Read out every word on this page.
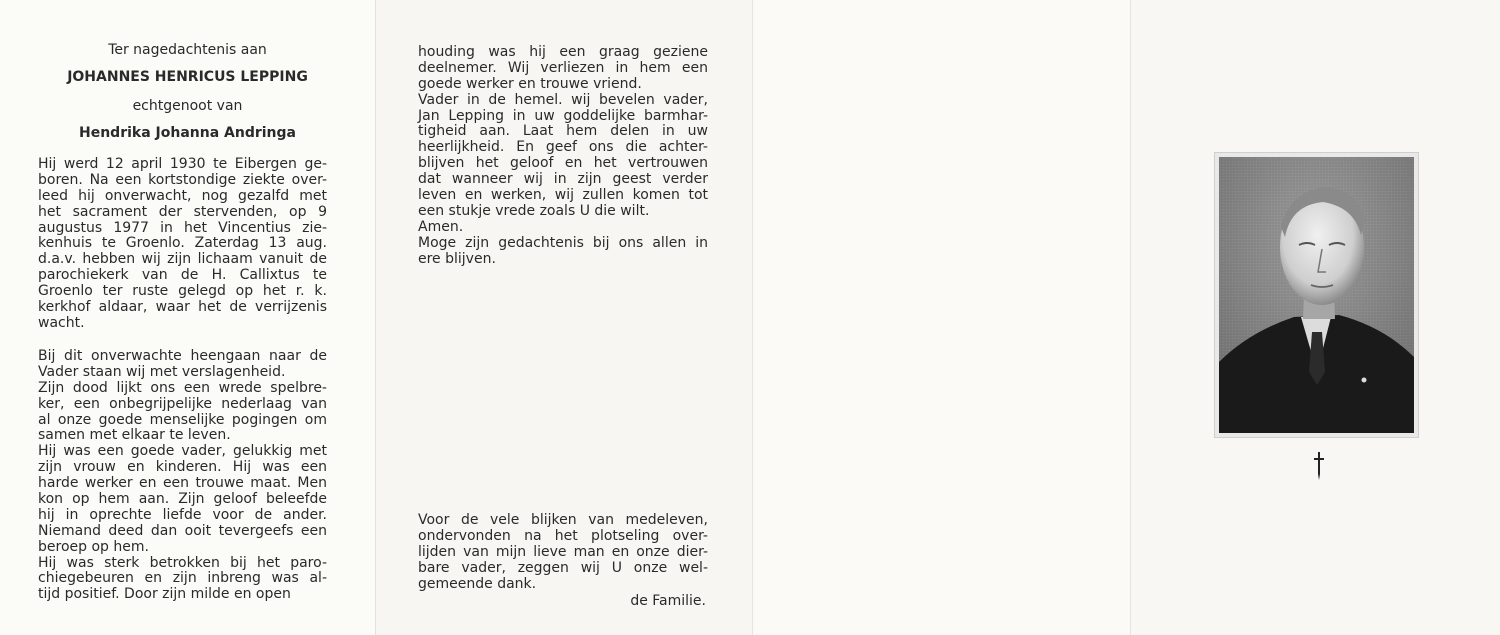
Ter nagedachtenis aan
JOHANNES HENRICUS LEPPING
echtgenoot van
Hendrika Johanna Andringa
Hij werd 12 april 1930 te Eibergen ge-
boren. Na een kortstondige ziekte over-
leed hij onverwacht, nog gezalfd met
het sacrament der stervenden, op 9
augustus 1977 in het Vincentius zie-
kenhuis te Groenlo. Zaterdag 13 aug.
d.a.v. hebben wij zijn lichaam vanuit de
parochiekerk van de H. Callixtus te
Groenlo ter ruste gelegd op het r. k.
kerkhof aldaar, waar het de verrijzenis
wacht.
Bij dit onverwachte heengaan naar de
Vader staan wij met verslagenheid.
Zijn dood lijkt ons een wrede spelbre-
ker, een onbegrijpelijke nederlaag van
al onze goede menselijke pogingen om
samen met elkaar te leven.
Hij was een goede vader, gelukkig met
zijn vrouw en kinderen. Hij was een
harde werker en een trouwe maat. Men
kon op hem aan. Zijn geloof beleefde
hij in oprechte liefde voor de ander.
Niemand deed dan ooit tevergeefs een
beroep op hem.
Hij was sterk betrokken bij het paro-
chiegebeuren en zijn inbreng was al-
tijd positief. Door zijn milde en open
houding was hij een graag geziene
deelnemer. Wij verliezen in hem een
goede werker en trouwe vriend.
Vader in de hemel. wij bevelen vader,
Jan Lepping in uw goddelijke barmhar-
tigheid aan. Laat hem delen in uw
heerlijkheid. En geef ons die achter-
blijven het geloof en het vertrouwen
dat wanneer wij in zijn geest verder
leven en werken, wij zullen komen tot
een stukje vrede zoals U die wilt.
Amen.
Moge zijn gedachtenis bij ons allen in
ere blijven.
Voor de vele blijken van medeleven,
ondervonden na het plotseling over-
lijden van mijn lieve man en onze dier-
bare vader, zeggen wij U onze wel-
gemeende dank.
de Familie.
